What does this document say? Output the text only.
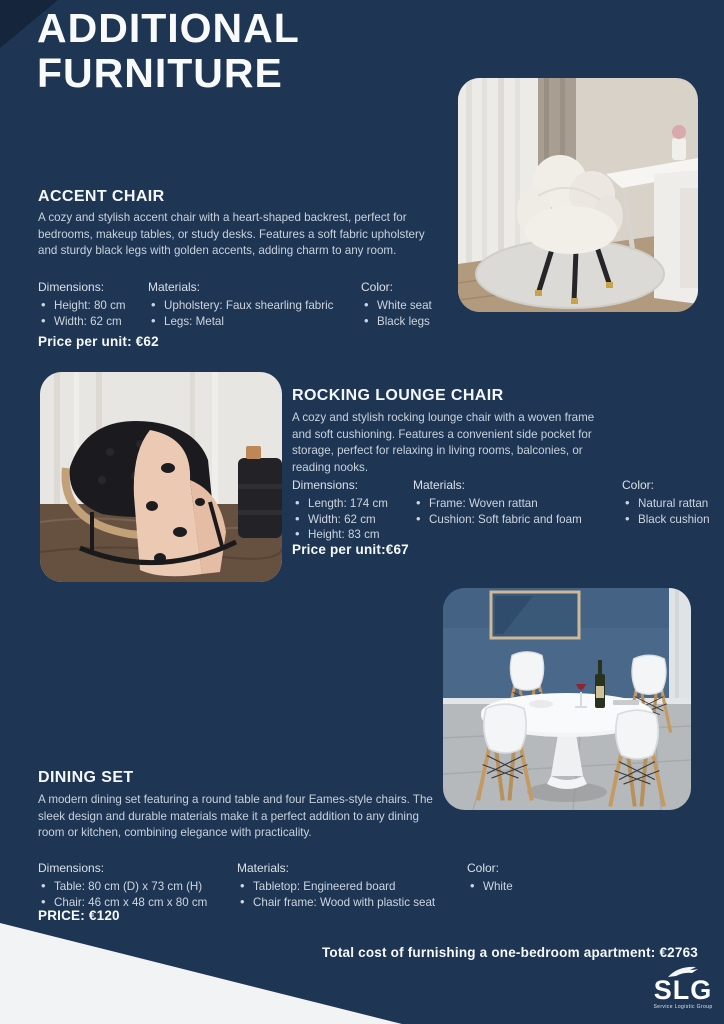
ADDITIONAL
FURNITURE
ACCENT CHAIR

A cozy and stylish accent chair with a heart-shaped backrest, perfect for bedrooms, makeup tables, or study desks. Features a soft fabric upholstery and sturdy black legs with golden accents, adding charm to any room.

Dimensions:
• Height: 80 cm
• Width: 62 cm
Materials:
• Upholstery: Faux shearling fabric
• Legs: Metal
Color:
• White seat
• Black legs
Price per unit: €62
ROCKING LOUNGE CHAIR

A cozy and stylish rocking lounge chair with a woven frame and soft cushioning. Features a convenient side pocket for storage, perfect for relaxing in living rooms, balconies, or reading nooks.

Dimensions:
• Length: 174 cm
• Width: 62 cm
• Height: 83 cm
Materials:
• Frame: Woven rattan
• Cushion: Soft fabric and foam
Color:
• Natural rattan
• Black cushion
Price per unit:€67
DINING SET

A modern dining set featuring a round table and four Eames-style chairs. The sleek design and durable materials make it a perfect addition to any dining room or kitchen, combining elegance with practicality.

Dimensions:
• Table: 80 cm (D) x 73 cm (H)
• Chair: 46 cm x 48 cm x 80 cm
Materials:
• Tabletop: Engineered board
• Chair frame: Wood with plastic seat
Color:
• White
PRICE: €120
Total cost of furnishing a one-bedroom apartment: €2763
SLG
Service Logistic Group
